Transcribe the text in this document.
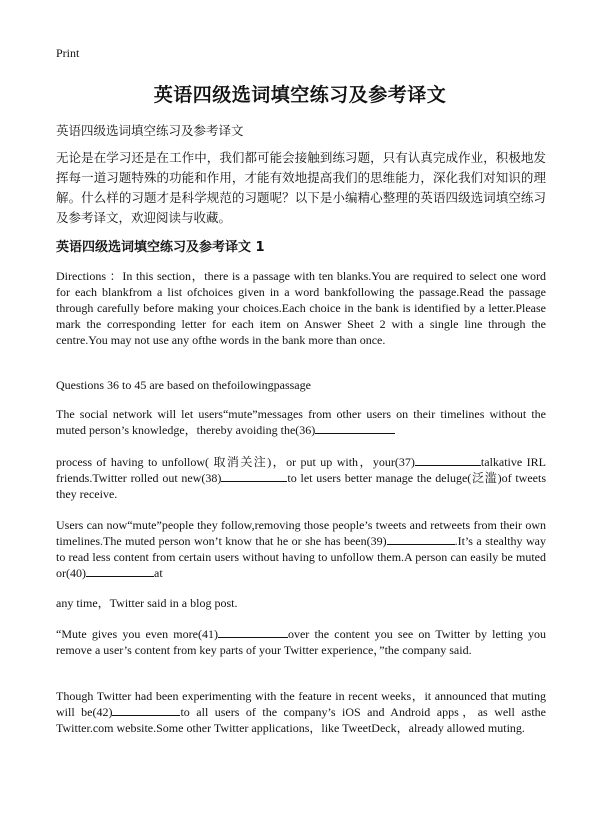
Print
英语四级选词填空练习及参考译文
英语四级选词填空练习及参考译文
无论是在学习还是在工作中，我们都可能会接触到练习题，只有认真完成作业，积极地发挥每一道习题特殊的功能和作用，才能有效地提高我们的思维能力，深化我们对知识的理解。什么样的习题才是科学规范的习题呢？以下是小编精心整理的英语四级选词填空练习及参考译文，欢迎阅读与收藏。
英语四级选词填空练习及参考译文 1

Directions ：In this section，there is a passage with ten blanks.You are required to select one word for each blankfrom a list ofchoices given in a word bankfollowing the passage.Read the passage through carefully before making your choices.Each choice in the bank is identified by a letter.Please mark the corresponding letter for each item on Answer Sheet 2 with a single line through the centre.You may not use any ofthe words in the bank more than once.

Questions 36 to 45 are based on thefoilowingpassage

The social network will let users“mute”messages from other users on their timelines without the muted person’s knowledge，thereby avoiding the(36)

process of having to unfollow( 取消关注)，or put up with，your(37)	talkative IRL friends.Twitter rolled out new(38)	to let users better manage the deluge(泛滥)of tweets they receive.

Users can now“mute”people they follow,removing those people’s tweets and retweets from their own timelines.The muted person won’t know that he or she has been(39)	.It’s a stealthy way to read less content from certain users without having to unfollow them.A person can easily be muted or(40)	at

any time，Twitter said in a blog post.

“Mute gives you even more(41)	over the content you see on Twitter by letting you remove a user’s content from key parts of your Twitter experience，”the company said.

Though Twitter had been experimenting with the feature in recent weeks，it announced that muting will be(42)	to all users of the company’s iOS and Android apps，as well asthe Twitter.com website.Some other Twitter applications，like TweetDeck，already allowed muting.
